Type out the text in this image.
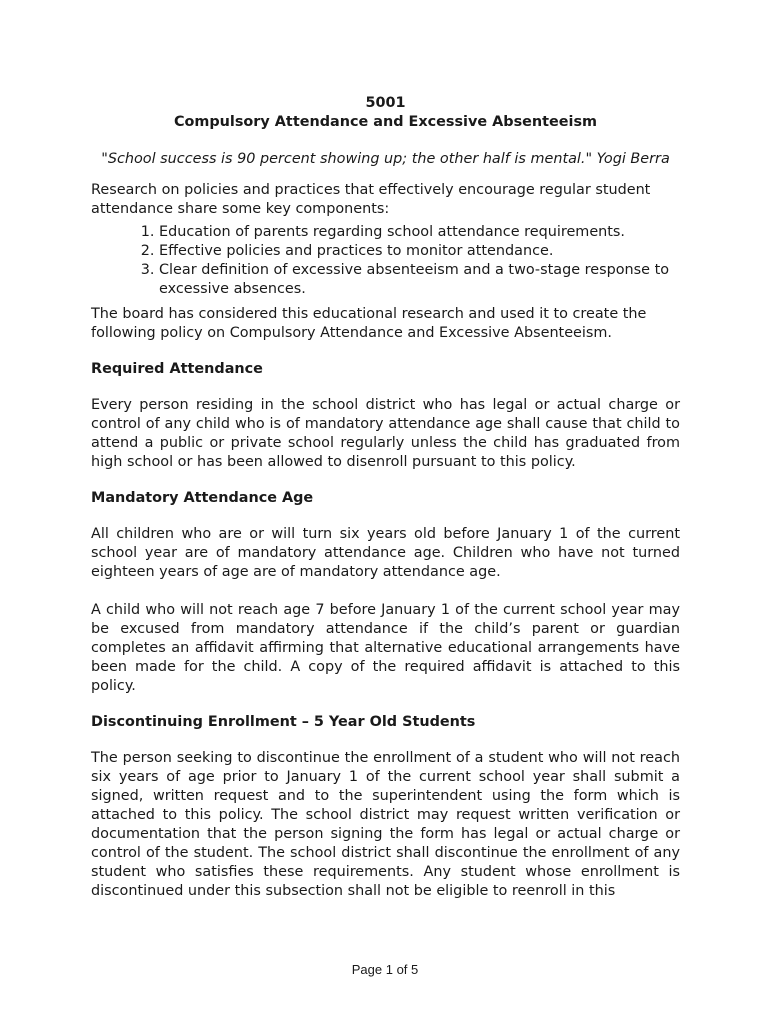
5001

Compulsory Attendance and Excessive Absenteeism

"School success is 90 percent showing up; the other half is mental." Yogi Berra

Research on policies and practices that effectively encourage regular student attendance share some key components:

1. Education of parents regarding school attendance requirements.
2. Effective policies and practices to monitor attendance.
3. Clear definition of excessive absenteeism and a two-stage response to excessive absences.

The board has considered this educational research and used it to create the following policy on Compulsory Attendance and Excessive Absenteeism.

Required Attendance

Every person residing in the school district who has legal or actual charge or control of any child who is of mandatory attendance age shall cause that child to attend a public or private school regularly unless the child has graduated from high school or has been allowed to disenroll pursuant to this policy.

Mandatory Attendance Age

All children who are or will turn six years old before January 1 of the current school year are of mandatory attendance age. Children who have not turned eighteen years of age are of mandatory attendance age.

A child who will not reach age 7 before January 1 of the current school year may be excused from mandatory attendance if the child’s parent or guardian completes an affidavit affirming that alternative educational arrangements have been made for the child. A copy of the required affidavit is attached to this policy.

Discontinuing Enrollment – 5 Year Old Students

The person seeking to discontinue the enrollment of a student who will not reach six years of age prior to January 1 of the current school year shall submit a signed, written request and to the superintendent using the form which is attached to this policy. The school district may request written verification or documentation that the person signing the form has legal or actual charge or control of the student. The school district shall discontinue the enrollment of any student who satisfies these requirements. Any student whose enrollment is discontinued under this subsection shall not be eligible to reenroll in this

Page 1 of 5
